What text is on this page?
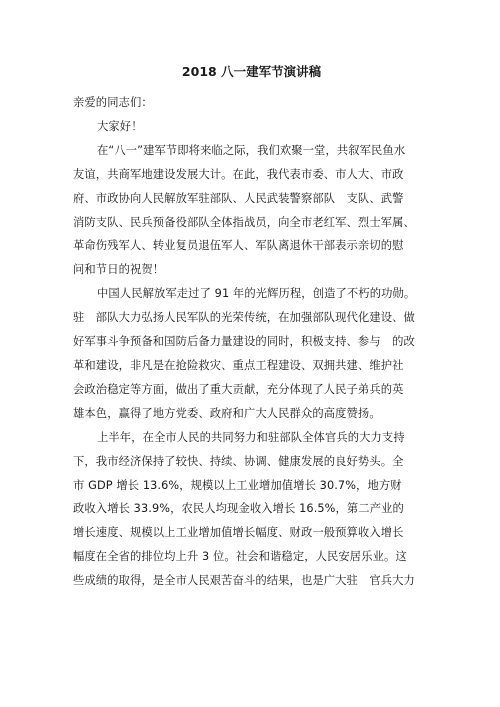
2018 八一建军节演讲稿
亲爱的同志们：
大家好！
在“八一”建军节即将来临之际，我们欢聚一堂，共叙军民鱼水
友谊，共商军地建设发展大计。在此，我代表市委、市人大、市政
府、市政协向人民解放军驻部队、人民武装警察部队　支队、武警
消防支队、民兵预备役部队全体指战员，向全市老红军、烈士军属、
革命伤残军人、转业复员退伍军人、军队离退休干部表示亲切的慰
问和节日的祝贺！
中国人民解放军走过了 91 年的光辉历程，创造了不朽的功勋。
驻　部队大力弘扬人民军队的光荣传统，在加强部队现代化建设、做
好军事斗争预备和国防后备力量建设的同时，积极支持、参与　的改
革和建设，非凡是在抢险救灾、重点工程建设、双拥共建、维护社
会政治稳定等方面，做出了重大贡献，充分体现了人民子弟兵的英
雄本色，赢得了地方党委、政府和广大人民群众的高度赞扬。
上半年，在全市人民的共同努力和驻部队全体官兵的大力支持
下，我市经济保持了较快、持续、协调、健康发展的良好势头。全
市 GDP 增长 13.6%，规模以上工业增加值增长 30.7%，地方财
政收入增长 33.9%，农民人均现金收入增长 16.5%，第二产业的
增长速度、规模以上工业增加值增长幅度、财政一般预算收入增长
幅度在全省的排位均上升 3 位。社会和谐稳定，人民安居乐业。这
些成绩的取得，是全市人民艰苦奋斗的结果，也是广大驻　官兵大力
